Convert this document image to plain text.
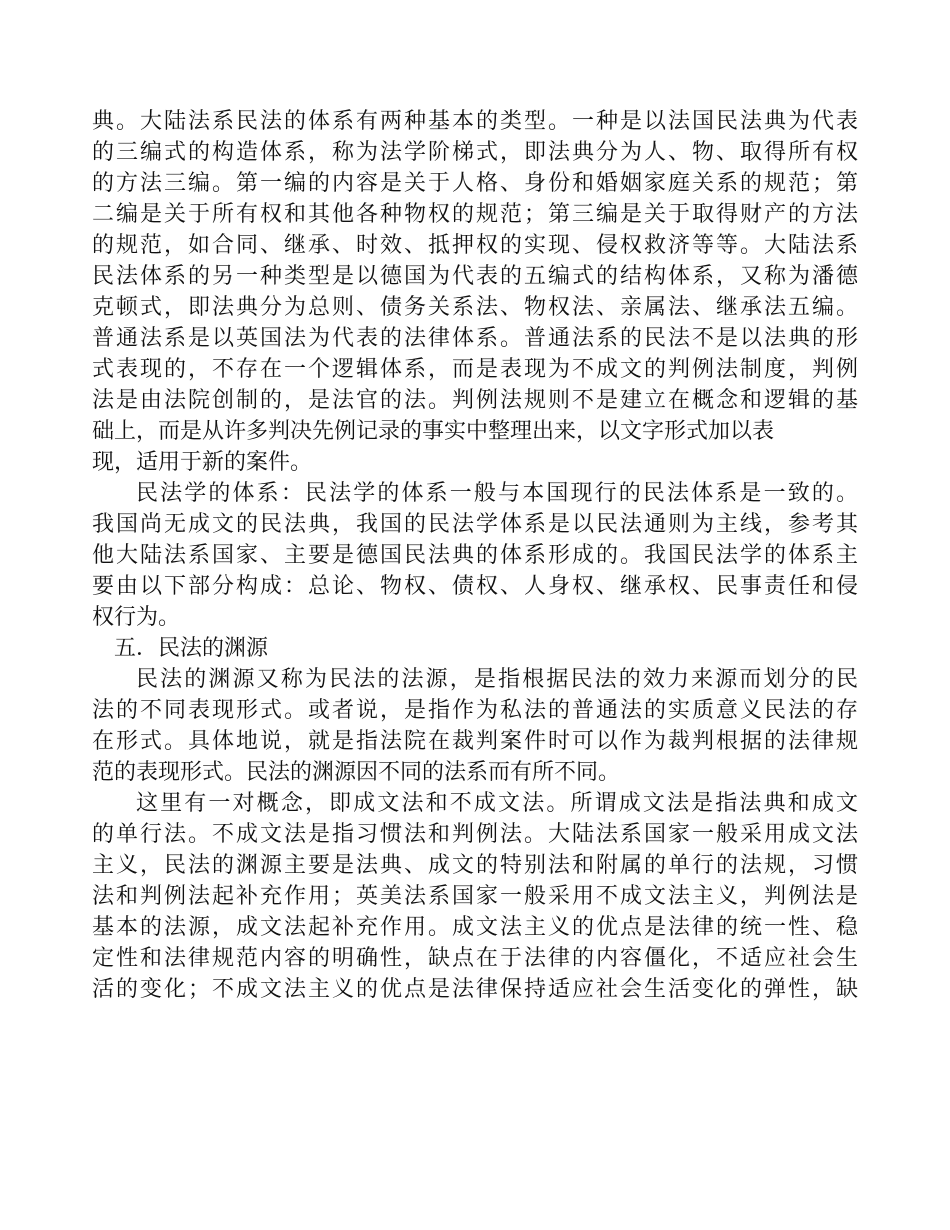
典。大陆法系民法的体系有两种基本的类型。一种是以法国民法典为代表
的三编式的构造体系，称为法学阶梯式，即法典分为人、物、取得所有权
的方法三编。第一编的内容是关于人格、身份和婚姻家庭关系的规范；第
二编是关于所有权和其他各种物权的规范；第三编是关于取得财产的方法
的规范，如合同、继承、时效、抵押权的实现、侵权救济等等。大陆法系
民法体系的另一种类型是以德国为代表的五编式的结构体系，又称为潘德
克顿式，即法典分为总则、债务关系法、物权法、亲属法、继承法五编。
普通法系是以英国法为代表的法律体系。普通法系的民法不是以法典的形
式表现的，不存在一个逻辑体系，而是表现为不成文的判例法制度，判例
法是由法院创制的，是法官的法。判例法规则不是建立在概念和逻辑的基
础上，而是从许多判决先例记录的事实中整理出来，以文字形式加以表
现，适用于新的案件。
民法学的体系：民法学的体系一般与本国现行的民法体系是一致的。
我国尚无成文的民法典，我国的民法学体系是以民法通则为主线，参考其
他大陆法系国家、主要是德国民法典的体系形成的。我国民法学的体系主
要由以下部分构成：总论、物权、债权、人身权、继承权、民事责任和侵
权行为。
五．民法的渊源
民法的渊源又称为民法的法源，是指根据民法的效力来源而划分的民
法的不同表现形式。或者说，是指作为私法的普通法的实质意义民法的存
在形式。具体地说，就是指法院在裁判案件时可以作为裁判根据的法律规
范的表现形式。民法的渊源因不同的法系而有所不同。
这里有一对概念，即成文法和不成文法。所谓成文法是指法典和成文
的单行法。不成文法是指习惯法和判例法。大陆法系国家一般采用成文法
主义，民法的渊源主要是法典、成文的特别法和附属的单行的法规，习惯
法和判例法起补充作用；英美法系国家一般采用不成文法主义，判例法是
基本的法源，成文法起补充作用。成文法主义的优点是法律的统一性、稳
定性和法律规范内容的明确性，缺点在于法律的内容僵化，不适应社会生
活的变化；不成文法主义的优点是法律保持适应社会生活变化的弹性，缺
